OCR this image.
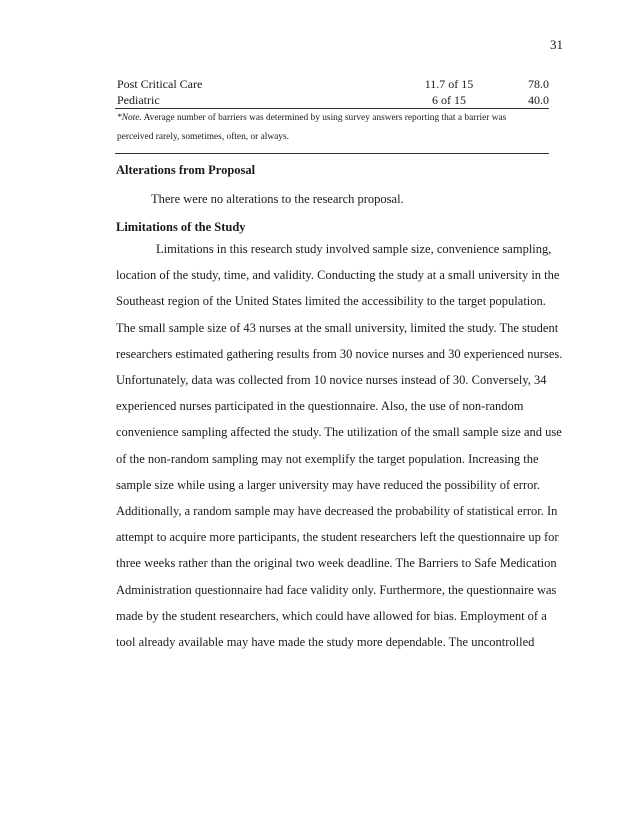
31
Post Critical Care	11.7 of 15	78.0
Pediatric	6 of 15	40.0
*Note. Average number of barriers was determined by using survey answers reporting that a barrier was
perceived rarely, sometimes, often, or always.
Alterations from Proposal
There were no alterations to the research proposal.
Limitations of the Study
Limitations in this research study involved sample size, convenience sampling,
location of the study, time, and validity. Conducting the study at a small university in the
Southeast region of the United States limited the accessibility to the target population.
The small sample size of 43 nurses at the small university, limited the study. The student
researchers estimated gathering results from 30 novice nurses and 30 experienced nurses.
Unfortunately, data was collected from 10 novice nurses instead of 30. Conversely, 34
experienced nurses participated in the questionnaire. Also, the use of non-random
convenience sampling affected the study. The utilization of the small sample size and use
of the non-random sampling may not exemplify the target population. Increasing the
sample size while using a larger university may have reduced the possibility of error.
Additionally, a random sample may have decreased the probability of statistical error. In
attempt to acquire more participants, the student researchers left the questionnaire up for
three weeks rather than the original two week deadline. The Barriers to Safe Medication
Administration questionnaire had face validity only. Furthermore, the questionnaire was
made by the student researchers, which could have allowed for bias. Employment of a
tool already available may have made the study more dependable. The uncontrolled
